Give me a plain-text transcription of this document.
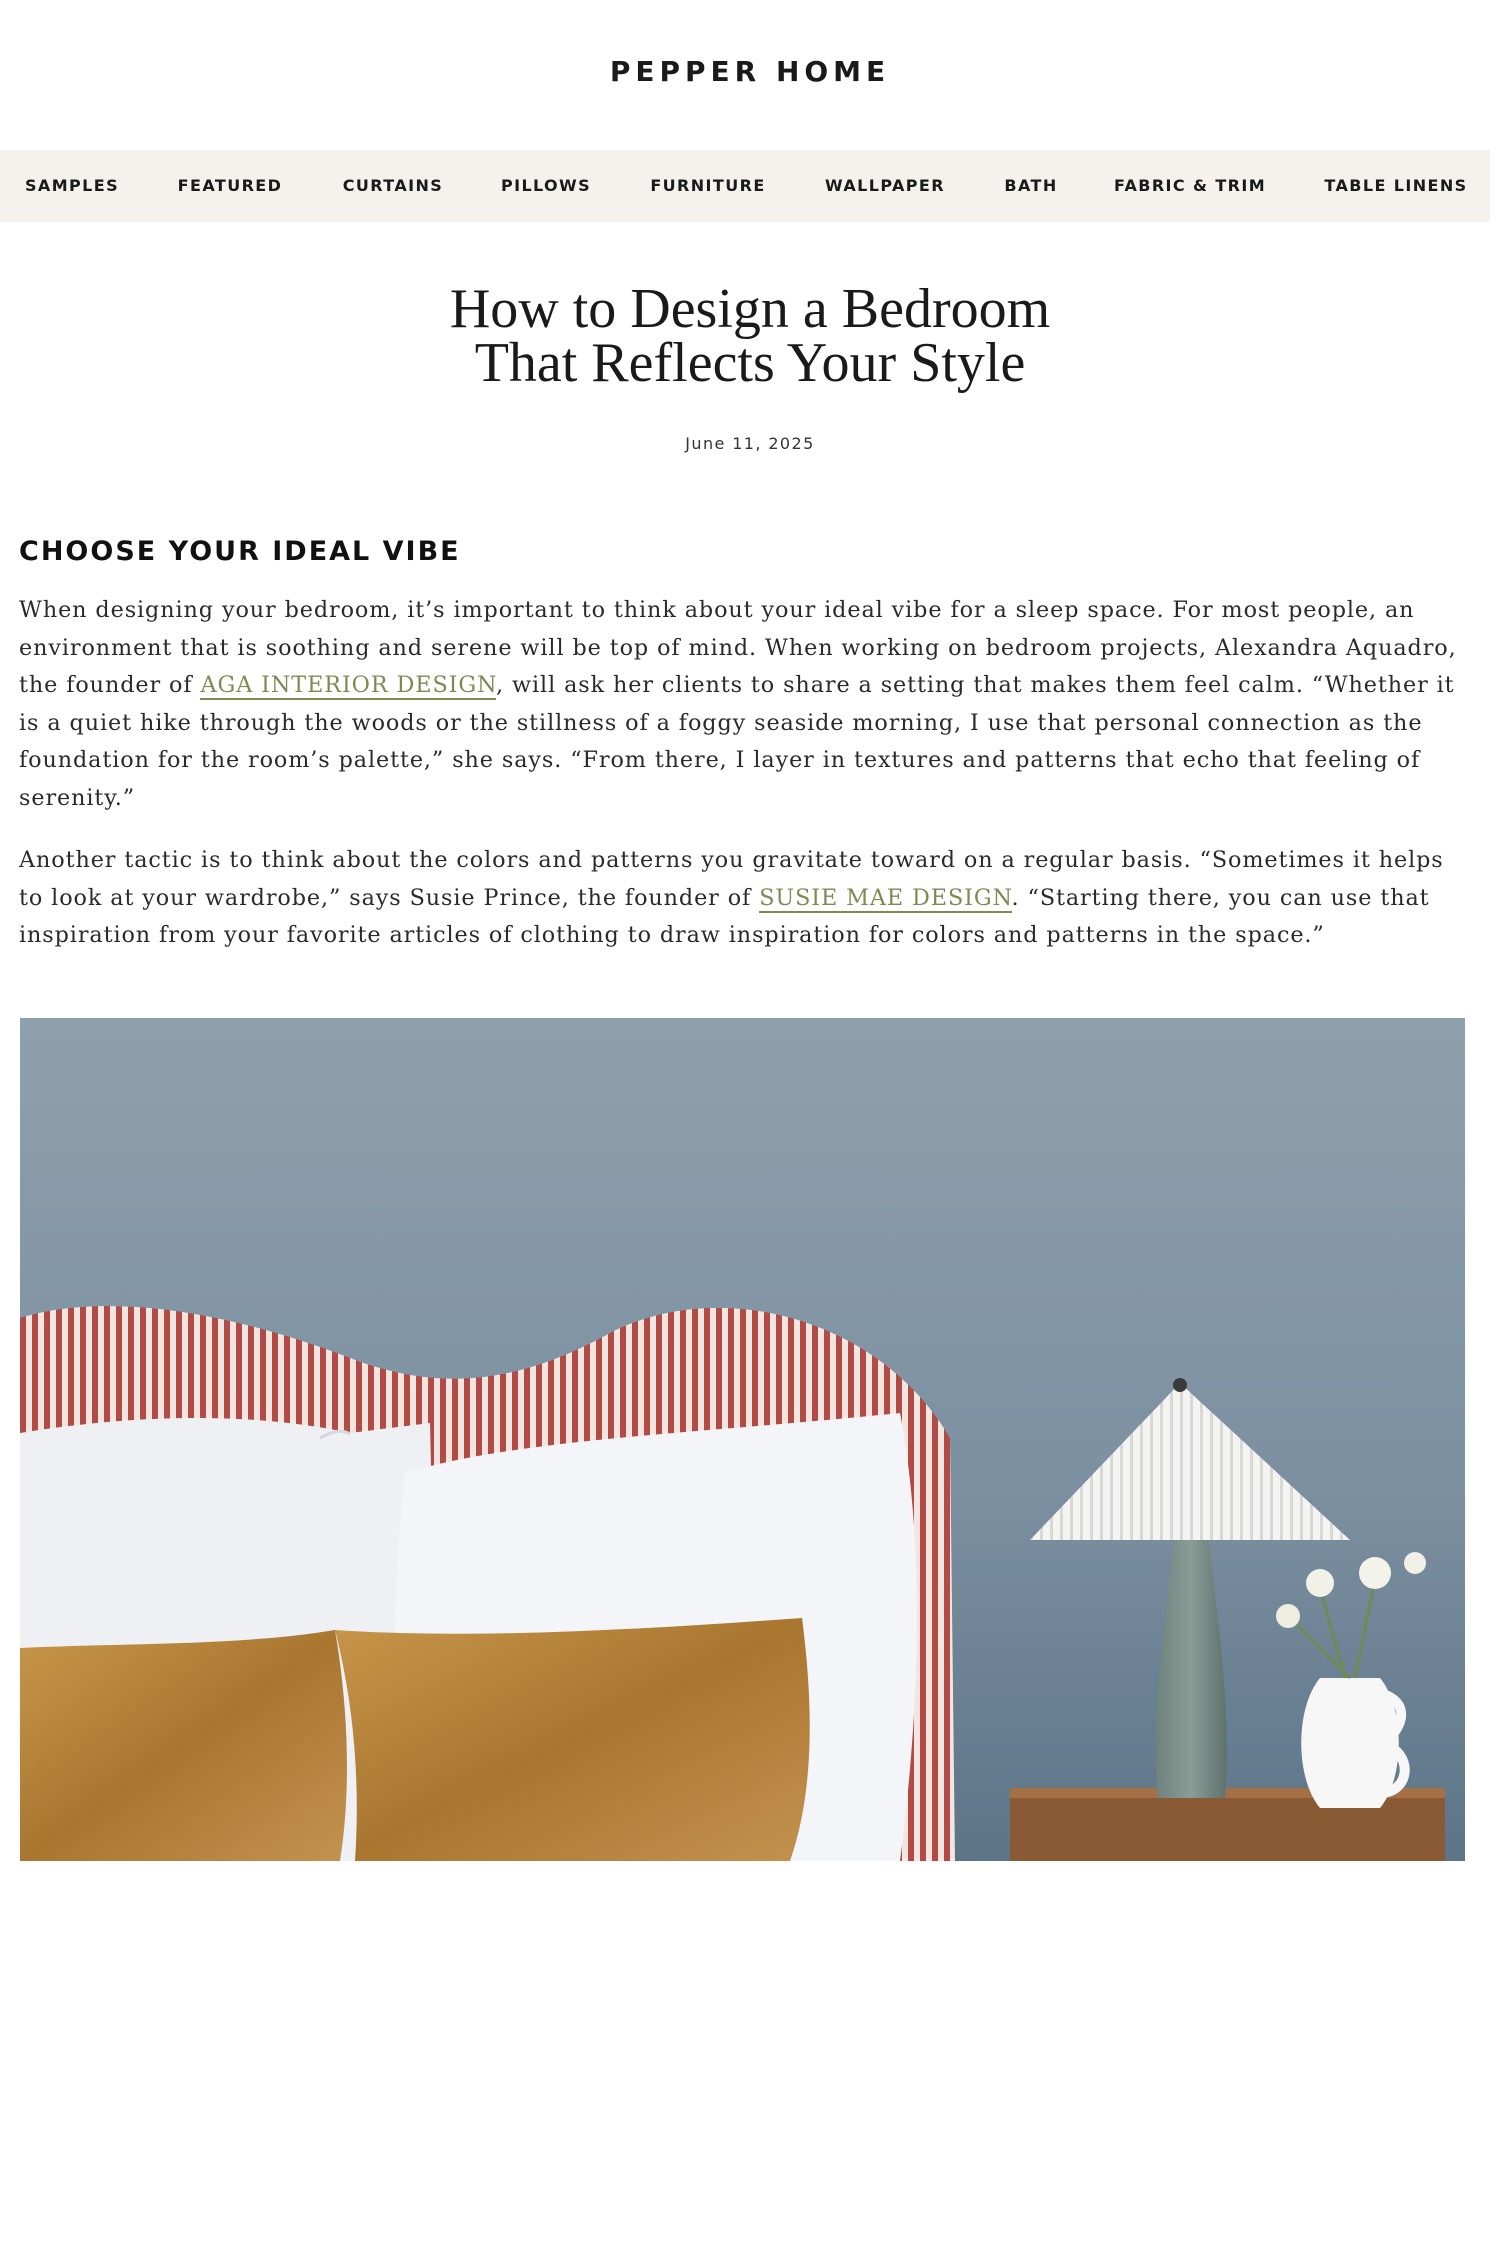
PEPPER HOME
SAMPLES	FEATURED	CURTAINS	PILLOWS	FURNITURE	WALLPAPER	BATH	FABRIC & TRIM	TABLE LINENS
How to Design a Bedroom
That Reflects Your Style
June 11, 2025
CHOOSE YOUR IDEAL VIBE

When designing your bedroom, it’s important to think about your ideal vibe for a sleep space. For most people, an environment that is soothing and serene will be top of mind. When working on bedroom projects, Alexandra Aquadro, the founder of AGA INTERIOR DESIGN, will ask her clients to share a setting that makes them feel calm. “Whether it is a quiet hike through the woods or the stillness of a foggy seaside morning, I use that personal connection as the foundation for the room’s palette,” she says. “From there, I layer in textures and patterns that echo that feeling of serenity.”

Another tactic is to think about the colors and patterns you gravitate toward on a regular basis. “Sometimes it helps to look at your wardrobe,” says Susie Prince, the founder of SUSIE MAE DESIGN. “Starting there, you can use that inspiration from your favorite articles of clothing to draw inspiration for colors and patterns in the space.”
